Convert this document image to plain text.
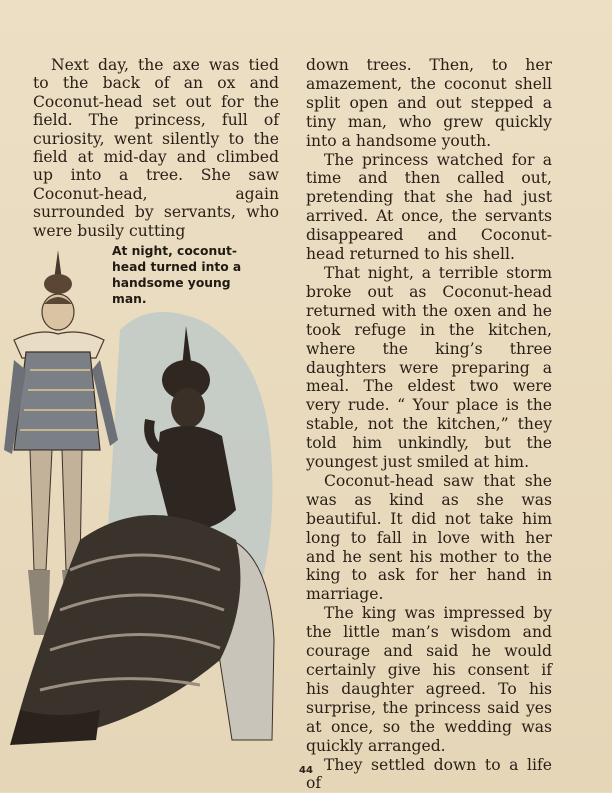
Next day, the axe was tied to the back of an ox and Coconut-head set out for the field. The princess, full of curiosity, went silently to the field at mid-day and climbed up into a tree. She saw Coconut-head, again surrounded by servants, who were busily cutting

At night, coconut-head turned into a handsome young man.

down trees. Then, to her amazement, the coconut shell split open and out stepped a tiny man, who grew quickly into a handsome youth.

The princess watched for a time and then called out, pretending that she had just arrived. At once, the servants disappeared and Coconut-head returned to his shell.

That night, a terrible storm broke out as Coconut-head returned with the oxen and he took refuge in the kitchen, where the king’s three daughters were preparing a meal. The eldest two were very rude. “ Your place is the stable, not the kitchen,” they told him unkindly, but the youngest just smiled at him.

Coconut-head saw that she was as kind as she was beautiful. It did not take him long to fall in love with her and he sent his mother to the king to ask for her hand in marriage.

The king was impressed by the little man’s wisdom and courage and said he would certainly give his consent if his daughter agreed. To his surprise, the princess said yes at once, so the wedding was quickly arranged.

They settled down to a life of

44
